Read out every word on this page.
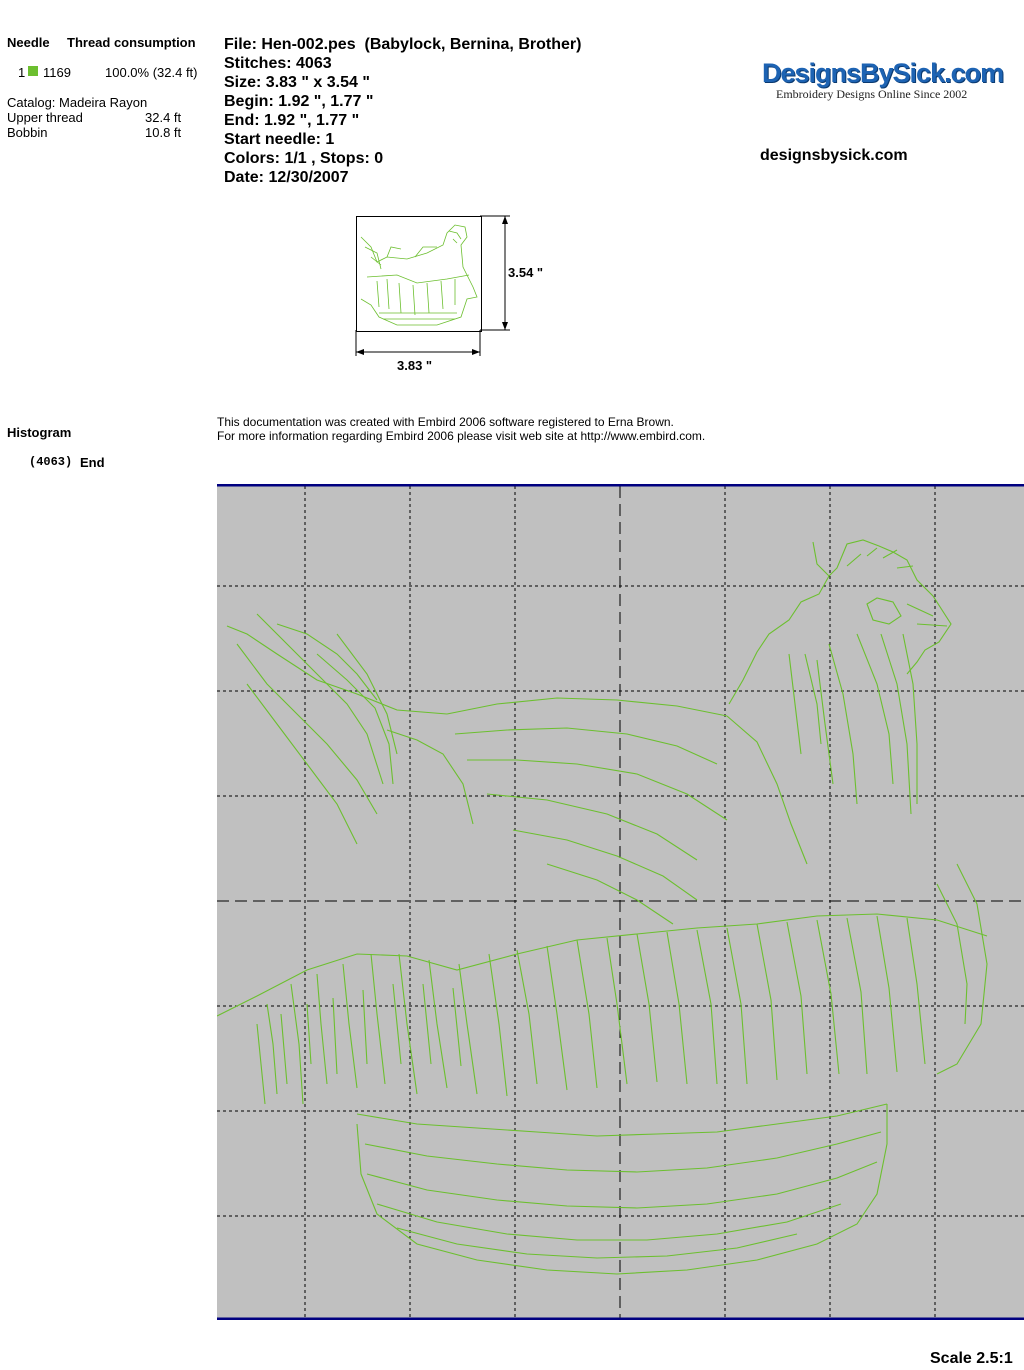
Needle Thread consumption
1 1169	100.0% (32.4 ft)
Catalog: Madeira Rayon
Upper thread	32.4 ft
Bobbin	10.8 ft
File: Hen-002.pes  (Babylock, Bernina, Brother)
Stitches: 4063
Size: 3.83 " x 3.54 "
Begin: 1.92 ", 1.77 "
End: 1.92 ", 1.77 "
Start needle: 1
Colors: 1/1 , Stops: 0
Date: 12/30/2007
DesignsBySick.com
Embroidery Designs Online Since 2002
designsbysick.com
3.54 "
3.83 "
Histogram
(4063) End
This documentation was created with Embird 2006 software registered to Erna Brown.
For more information regarding Embird 2006 please visit web site at http://www.embird.com.
Scale 2.5:1
